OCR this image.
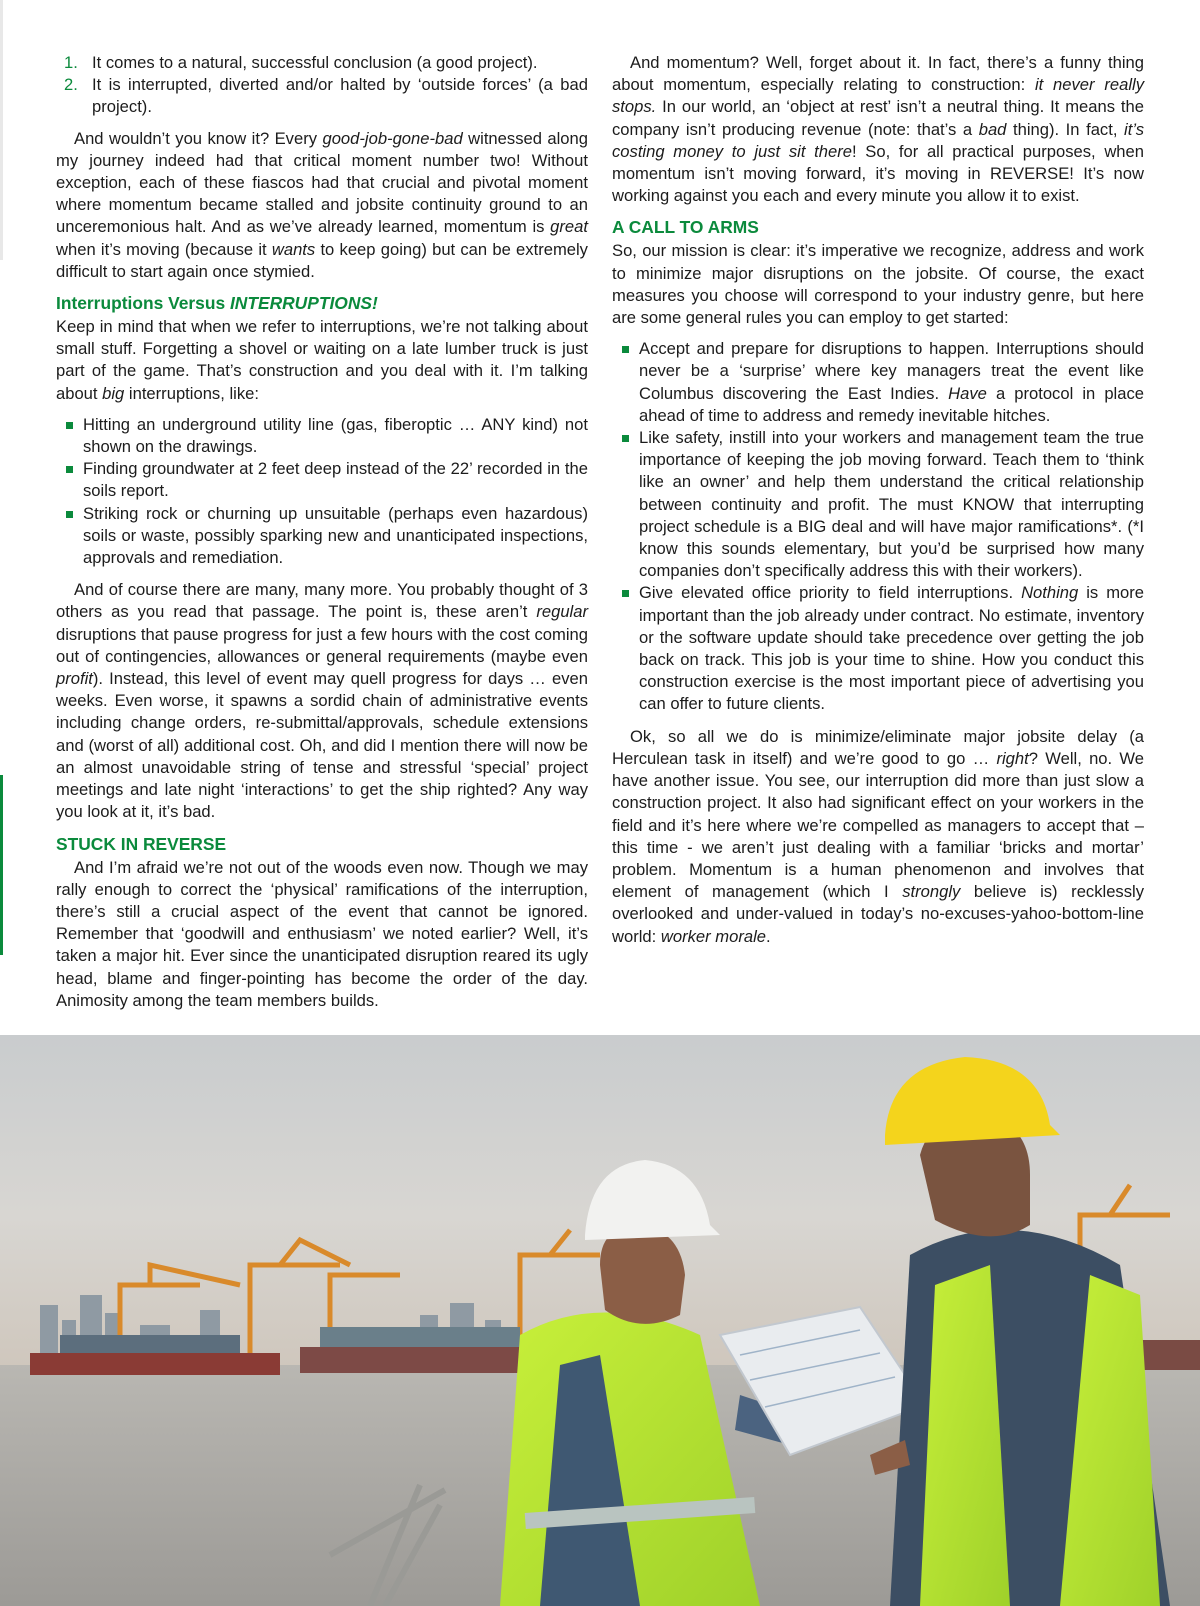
1. It comes to a natural, successful conclusion (a good project).
2. It is interrupted, diverted and/or halted by ‘outside forces’ (a bad project).

And wouldn’t you know it? Every good-job-gone-bad witnessed along my journey indeed had that critical moment number two! Without exception, each of these fiascos had that crucial and pivotal moment where momentum became stalled and jobsite continuity ground to an unceremonious halt. And as we’ve already learned, momentum is great when it’s moving (because it wants to keep going) but can be extremely difficult to start again once stymied.

Interruptions Versus INTERRUPTIONS!

Keep in mind that when we refer to interruptions, we’re not talking about small stuff. Forgetting a shovel or waiting on a late lumber truck is just part of the game. That’s construction and you deal with it. I’m talking about big interruptions, like:

Hitting an underground utility line (gas, fiberoptic … ANY kind) not shown on the drawings.
Finding groundwater at 2 feet deep instead of the 22’ recorded in the soils report.
Striking rock or churning up unsuitable (perhaps even hazardous) soils or waste, possibly sparking new and unanticipated inspections, approvals and remediation.

And of course there are many, many more. You probably thought of 3 others as you read that passage. The point is, these aren’t regular disruptions that pause progress for just a few hours with the cost coming out of contingencies, allowances or general requirements (maybe even profit). Instead, this level of event may quell progress for days … even weeks. Even worse, it spawns a sordid chain of administrative events including change orders, re-submittal/approvals, schedule extensions and (worst of all) additional cost. Oh, and did I mention there will now be an almost unavoidable string of tense and stressful ‘special’ project meetings and late night ‘interactions’ to get the ship righted? Any way you look at it, it’s bad.

STUCK IN REVERSE

And I’m afraid we’re not out of the woods even now. Though we may rally enough to correct the ‘physical’ ramifications of the interruption, there’s still a crucial aspect of the event that cannot be ignored. Remember that ‘goodwill and enthusiasm’ we noted earlier? Well, it’s taken a major hit. Ever since the unanticipated disruption reared its ugly head, blame and finger-pointing has become the order of the day. Animosity among the team members builds.

And momentum? Well, forget about it. In fact, there’s a funny thing about momentum, especially relating to construction: it never really stops. In our world, an ‘object at rest’ isn’t a neutral thing. It means the company isn’t producing revenue (note: that’s a bad thing). In fact, it’s costing money to just sit there! So, for all practical purposes, when momentum isn’t moving forward, it’s moving in REVERSE! It’s now working against you each and every minute you allow it to exist.

A CALL TO ARMS

So, our mission is clear: it’s imperative we recognize, address and work to minimize major disruptions on the jobsite. Of course, the exact measures you choose will correspond to your industry genre, but here are some general rules you can employ to get started:

Accept and prepare for disruptions to happen. Interruptions should never be a ‘surprise’ where key managers treat the event like Columbus discovering the East Indies. Have a protocol in place ahead of time to address and remedy inevitable hitches.
Like safety, instill into your workers and management team the true importance of keeping the job moving forward. Teach them to ‘think like an owner’ and help them understand the critical relationship between continuity and profit. The must KNOW that interrupting project schedule is a BIG deal and will have major ramifications*. (*I know this sounds elementary, but you’d be surprised how many companies don’t specifically address this with their workers).
Give elevated office priority to field interruptions. Nothing is more important than the job already under contract. No estimate, inventory or the software update should take precedence over getting the job back on track. This job is your time to shine. How you conduct this construction exercise is the most important piece of advertising you can offer to future clients.

Ok, so all we do is minimize/eliminate major jobsite delay (a Herculean task in itself) and we’re good to go … right? Well, no. We have another issue. You see, our interruption did more than just slow a construction project. It also had significant effect on your workers in the field and it’s here where we’re compelled as managers to accept that – this time - we aren’t just dealing with a familiar ‘bricks and mortar’ problem. Momentum is a human phenomenon and involves that element of management (which I strongly believe is) recklessly overlooked and under-valued in today’s no-excuses-yahoo-bottom-line world: worker morale.
